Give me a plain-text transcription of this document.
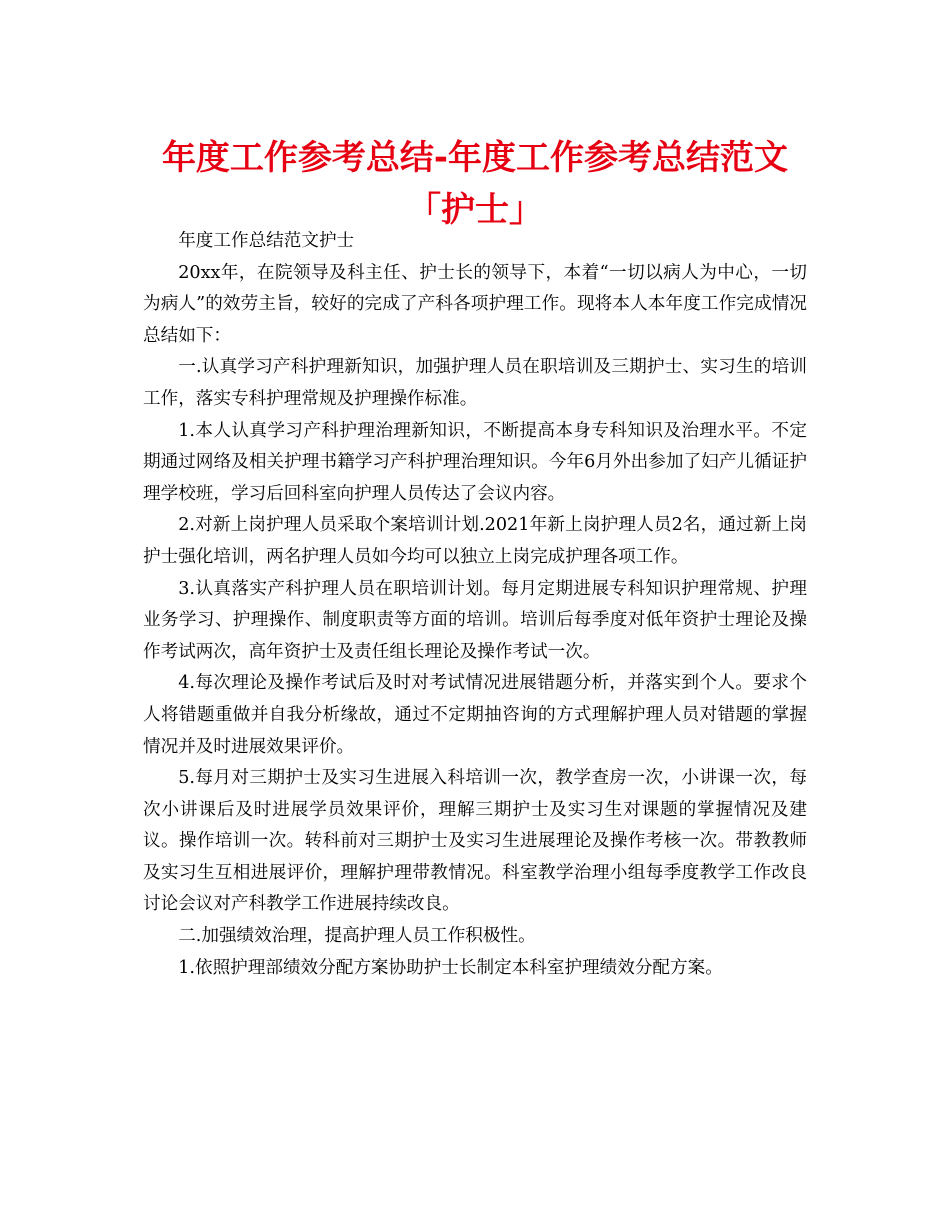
年度工作参考总结-年度工作参考总结范文「护士」

年度工作总结范文护士

20xx年，在院领导及科主任、护士长的领导下，本着“一切以病人为中心，一切为病人”的效劳主旨，较好的完成了产科各项护理工作。现将本人本年度工作完成情况总结如下：

一.认真学习产科护理新知识，加强护理人员在职培训及三期护士、实习生的培训工作，落实专科护理常规及护理操作标准。

1.本人认真学习产科护理治理新知识，不断提高本身专科知识及治理水平。不定期通过网络及相关护理书籍学习产科护理治理知识。今年6月外出参加了妇产儿循证护理学校班，学习后回科室向护理人员传达了会议内容。

2.对新上岗护理人员采取个案培训计划.2021年新上岗护理人员2名，通过新上岗护士强化培训，两名护理人员如今均可以独立上岗完成护理各项工作。

3.认真落实产科护理人员在职培训计划。每月定期进展专科知识护理常规、护理业务学习、护理操作、制度职责等方面的培训。培训后每季度对低年资护士理论及操作考试两次，高年资护士及责任组长理论及操作考试一次。

4.每次理论及操作考试后及时对考试情况进展错题分析，并落实到个人。要求个人将错题重做并自我分析缘故，通过不定期抽咨询的方式理解护理人员对错题的掌握情况并及时进展效果评价。

5.每月对三期护士及实习生进展入科培训一次，教学查房一次，小讲课一次，每次小讲课后及时进展学员效果评价，理解三期护士及实习生对课题的掌握情况及建议。操作培训一次。转科前对三期护士及实习生进展理论及操作考核一次。带教教师及实习生互相进展评价，理解护理带教情况。科室教学治理小组每季度教学工作改良讨论会议对产科教学工作进展持续改良。

二.加强绩效治理，提高护理人员工作积极性。

1.依照护理部绩效分配方案协助护士长制定本科室护理绩效分配方案。
